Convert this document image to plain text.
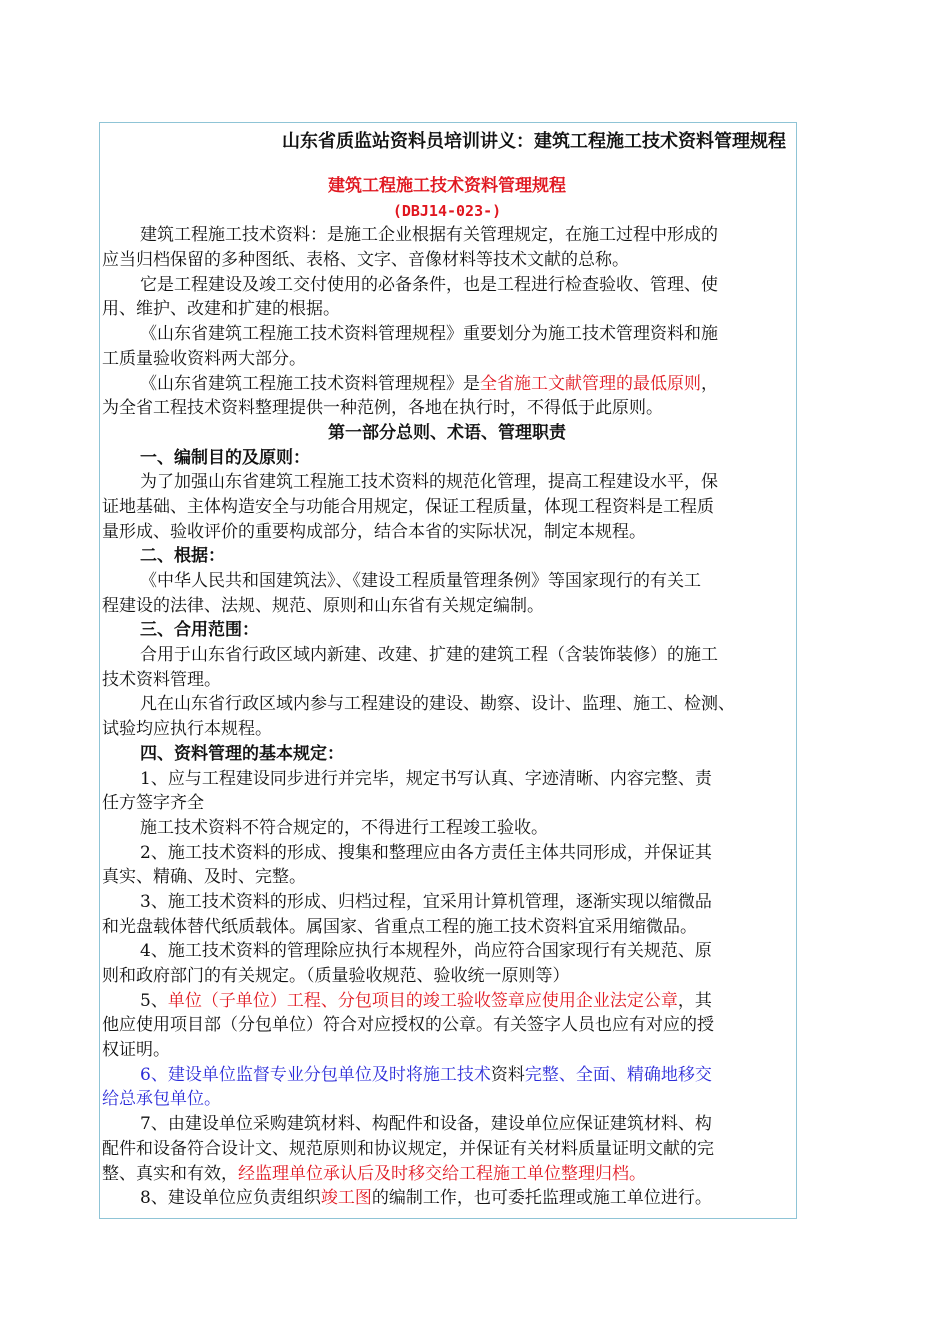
山东省质监站资料员培训讲义：建筑工程施工技术资料管理规程
建筑工程施工技术资料管理规程
(DBJ14-023-)
建筑工程施工技术资料：是施工企业根据有关管理规定，在施工过程中形成的
应当归档保留的多种图纸、表格、文字、音像材料等技术文献的总称。
它是工程建设及竣工交付使用的必备条件，也是工程进行检查验收、管理、使
用、维护、改建和扩建的根据。
《山东省建筑工程施工技术资料管理规程》重要划分为施工技术管理资料和施
工质量验收资料两大部分。
《山东省建筑工程施工技术资料管理规程》是全省施工文献管理的最低原则，
为全省工程技术资料整理提供一种范例，各地在执行时，不得低于此原则。
第一部分总则、术语、管理职责
一、编制目的及原则：
为了加强山东省建筑工程施工技术资料的规范化管理，提高工程建设水平，保
证地基础、主体构造安全与功能合用规定，保证工程质量，体现工程资料是工程质
量形成、验收评价的重要构成部分，结合本省的实际状况，制定本规程。
二、根据：
《中华人民共和国建筑法》、《建设工程质量管理条例》等国家现行的有关工
程建设的法律、法规、规范、原则和山东省有关规定编制。
三、合用范围：
合用于山东省行政区域内新建、改建、扩建的建筑工程（含装饰装修）的施工
技术资料管理。
凡在山东省行政区域内参与工程建设的建设、勘察、设计、监理、施工、检测、
试验均应执行本规程。
四、资料管理的基本规定：
1、应与工程建设同步进行并完毕，规定书写认真、字迹清晰、内容完整、责
任方签字齐全
施工技术资料不符合规定的，不得进行工程竣工验收。
2、施工技术资料的形成、搜集和整理应由各方责任主体共同形成，并保证其
真实、精确、及时、完整。
3、施工技术资料的形成、归档过程，宜采用计算机管理，逐渐实现以缩微品
和光盘载体替代纸质载体。属国家、省重点工程的施工技术资料宜采用缩微品。
4、施工技术资料的管理除应执行本规程外，尚应符合国家现行有关规范、原
则和政府部门的有关规定。（质量验收规范、验收统一原则等）
5、单位（子单位）工程、分包项目的竣工验收签章应使用企业法定公章，其
他应使用项目部（分包单位）符合对应授权的公章。有关签字人员也应有对应的授
权证明。
6、建设单位监督专业分包单位及时将施工技术资料完整、全面、精确地移交
给总承包单位。
7、由建设单位采购建筑材料、构配件和设备，建设单位应保证建筑材料、构
配件和设备符合设计文、规范原则和协议规定，并保证有关材料质量证明文献的完
整、真实和有效，经监理单位承认后及时移交给工程施工单位整理归档。
8、建设单位应负责组织竣工图的编制工作，也可委托监理或施工单位进行。
